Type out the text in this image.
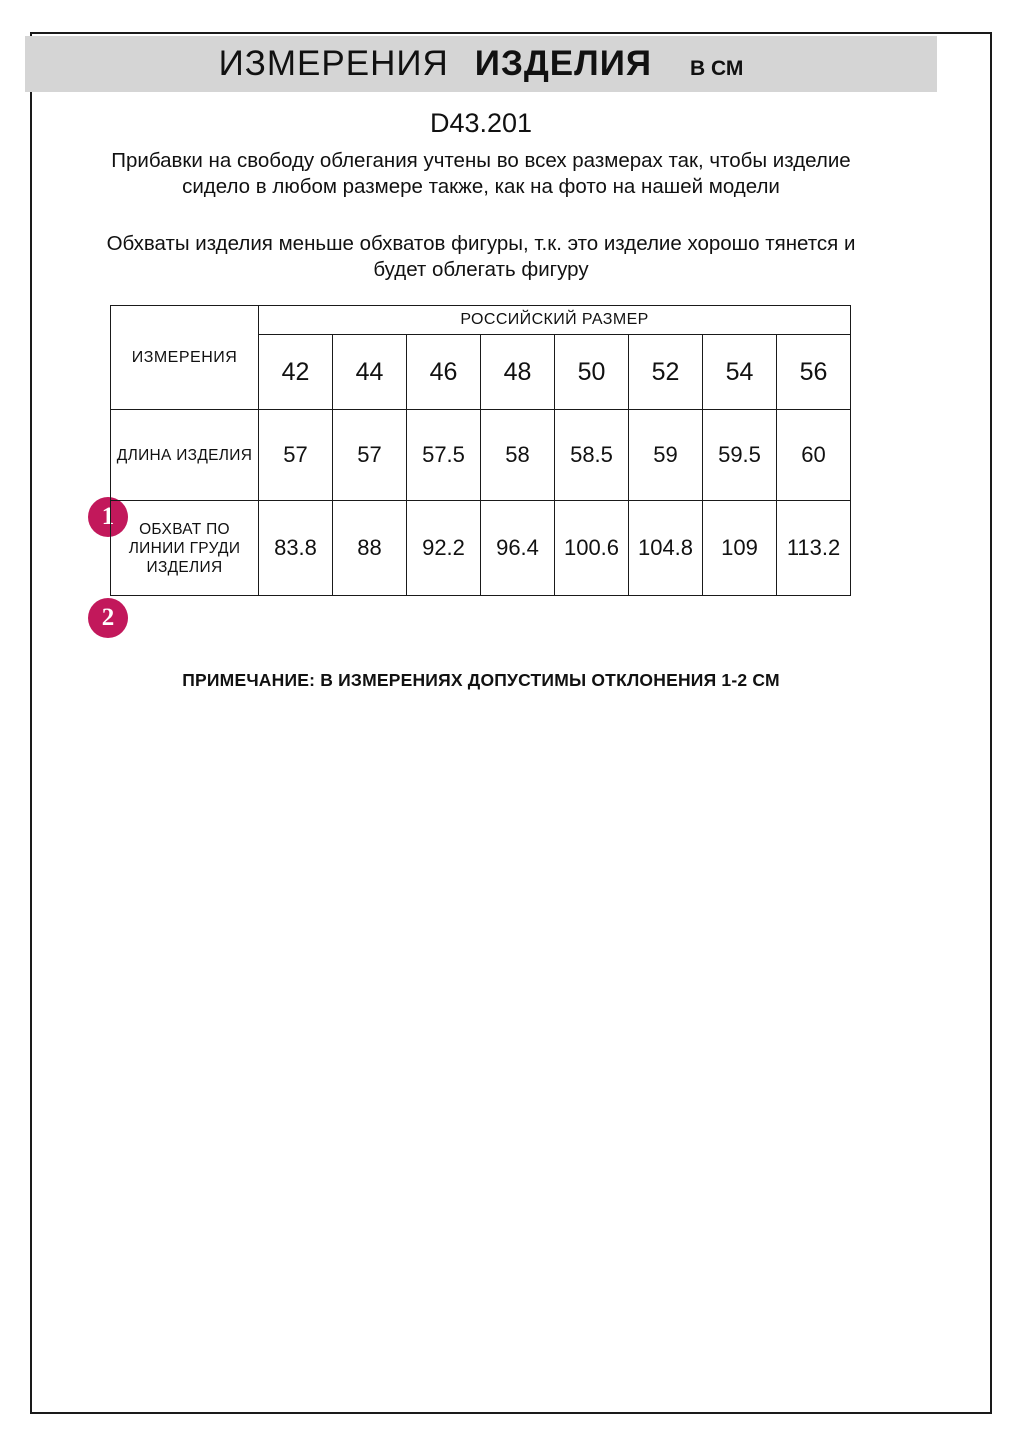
ИЗМЕРЕНИЯ ИЗДЕЛИЯ В СМ
D43.201
Прибавки на свободу облегания учтены во всех размерах так, чтобы изделие сидело в любом размере также, как на фото на нашей модели
Обхваты изделия меньше обхватов фигуры, т.к. это изделие хорошо тянется и будет облегать фигуру
1
2
ИЗМЕРЕНИЯ	РОССИЙСКИЙ РАЗМЕР							
	42	44	46	48	50	52	54	56
ДЛИНА ИЗДЕЛИЯ	57	57	57.5	58	58.5	59	59.5	60
ОБХВАТ ПО ЛИНИИ ГРУДИ ИЗДЕЛИЯ	83.8	88	92.2	96.4	100.6	104.8	109	113.2
ПРИМЕЧАНИЕ: В ИЗМЕРЕНИЯХ ДОПУСТИМЫ ОТКЛОНЕНИЯ 1-2 СМ
